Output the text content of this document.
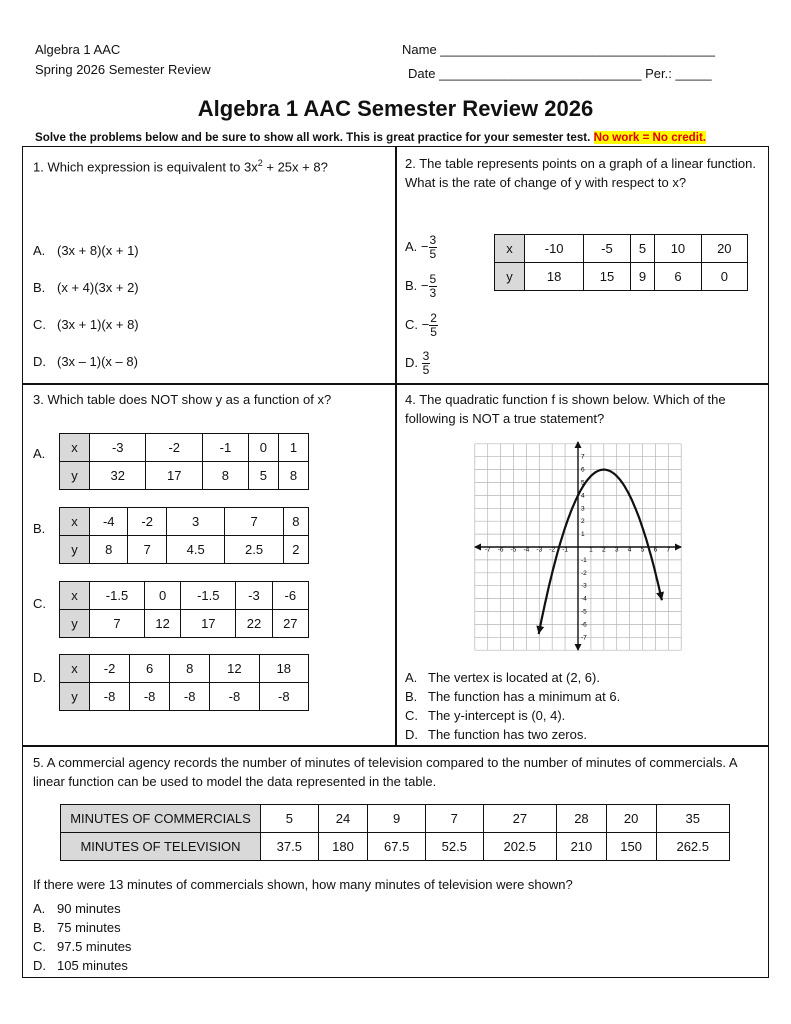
Algebra 1 AAC
Spring 2026 Semester Review
Name ______________________________________
Date ____________________________ Per.: _____
Algebra 1 AAC Semester Review 2026
Solve the problems below and be sure to show all work. This is great practice for your semester test. No work = No credit.
1. Which expression is equivalent to $3x^2 + 25x + 8$?
A. (3x + 8)(x + 1)
B. (x + 4)(3x + 2)
C. (3x + 1)(x + 8)
D. (3x – 1)(x – 8)
2. The table represents points on a graph of a linear function. What is the rate of change of y with respect to x?
A. − $\frac{3}{5}$
B. − $\frac{5}{3}$
C. − $\frac{2}{5}$
D. $\frac{3}{5}$
x	-10	-5	5	10	20
y	18	15	9	6	0
3. Which table does NOT show y as a function of x?
A. x	-3	-2	-1	0	1
y	32	17	8	5	8
B. x	-4	-2	3	7	8
y	8	7	4.5	2.5	2
C.
x	-1.5	0	-1.5	-3	-6
y	7	12	17	22	27
D.
x	-2	6	8	12	18
y	-8	-8	-8	-8	-8
4. The quadratic function f is shown below. Which of the following is NOT a true statement?
-7 -6 -5 -4 -3 -2 -1	1 2 3 4 5 6 7
7
6
5
4
3
2
1
-1
-2
-3
-4
-5
-6
-7
A. The vertex is located at (2, 6).
B. The function has a minimum at 6.
C. The y-intercept is (0, 4).
D. The function has two zeros.
5. A commercial agency records the number of minutes of television compared to the number of minutes of commercials. A linear function can be used to model the data represented in the table.
MINUTES OF COMMERCIALS	5	24	9	7	27	28	20	35
MINUTES OF TELEVISION	37.5	180	67.5	52.5	202.5	210	150	262.5
If there were 13 minutes of commercials shown, how many minutes of television were shown?
A. 90 minutes
B. 75 minutes
C. 97.5 minutes
D. 105 minutes
